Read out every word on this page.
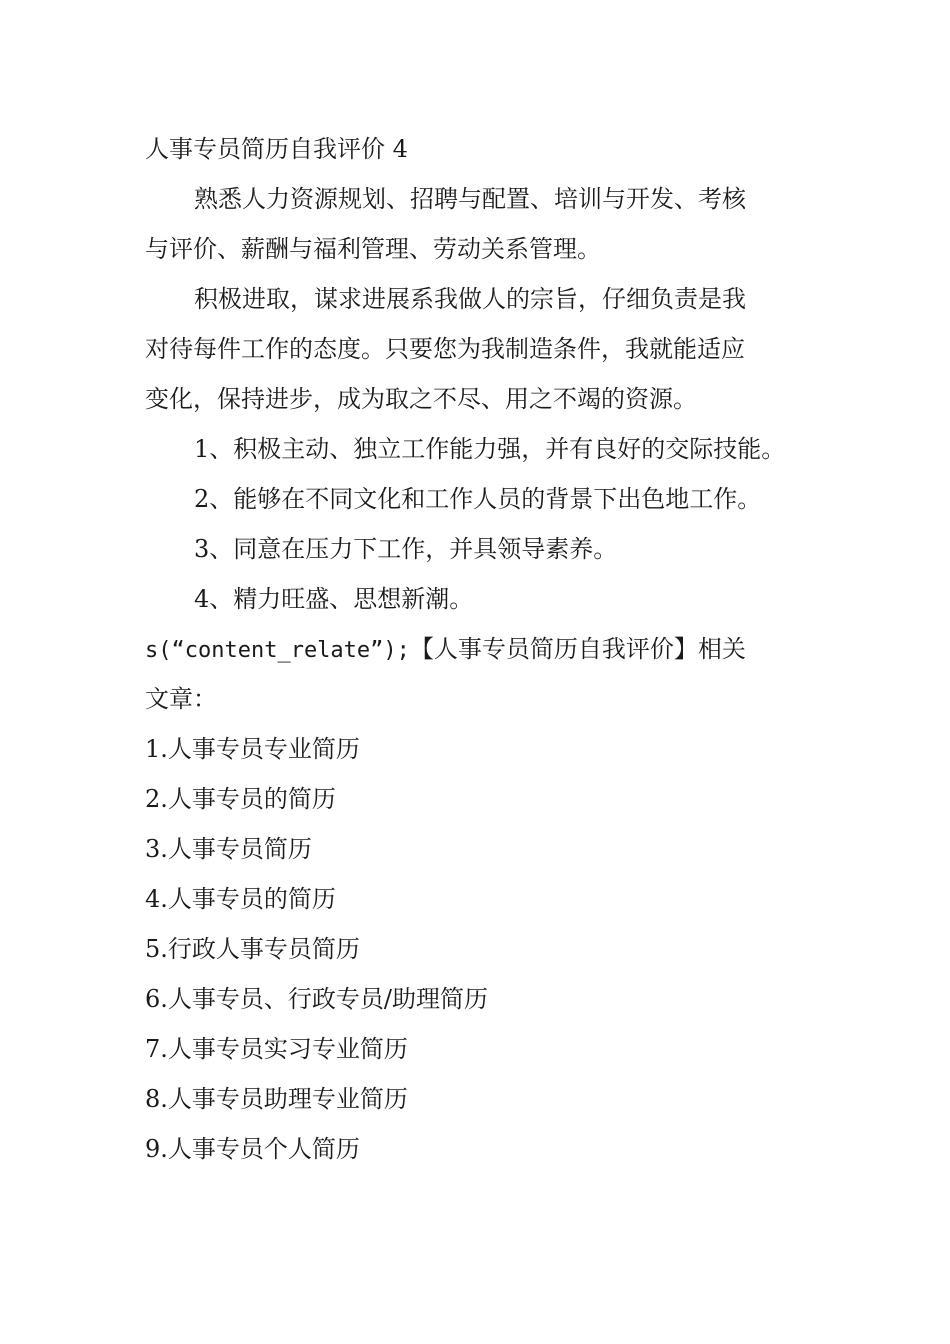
人事专员简历自我评价 4
熟悉人力资源规划、招聘与配置、培训与开发、考核
与评价、薪酬与福利管理、劳动关系管理。
积极进取，谋求进展系我做人的宗旨，仔细负责是我
对待每件工作的态度。只要您为我制造条件，我就能适应
变化，保持进步，成为取之不尽、用之不竭的资源。
1、积极主动、独立工作能力强，并有良好的交际技能。
2、能够在不同文化和工作人员的背景下出色地工作。
3、同意在压力下工作，并具领导素养。
4、精力旺盛、思想新潮。
s(“content_relate”);【人事专员简历自我评价】相关
文章：
1.人事专员专业简历
2.人事专员的简历
3.人事专员简历
4.人事专员的简历
5.行政人事专员简历
6.人事专员、行政专员/助理简历
7.人事专员实习专业简历
8.人事专员助理专业简历
9.人事专员个人简历
